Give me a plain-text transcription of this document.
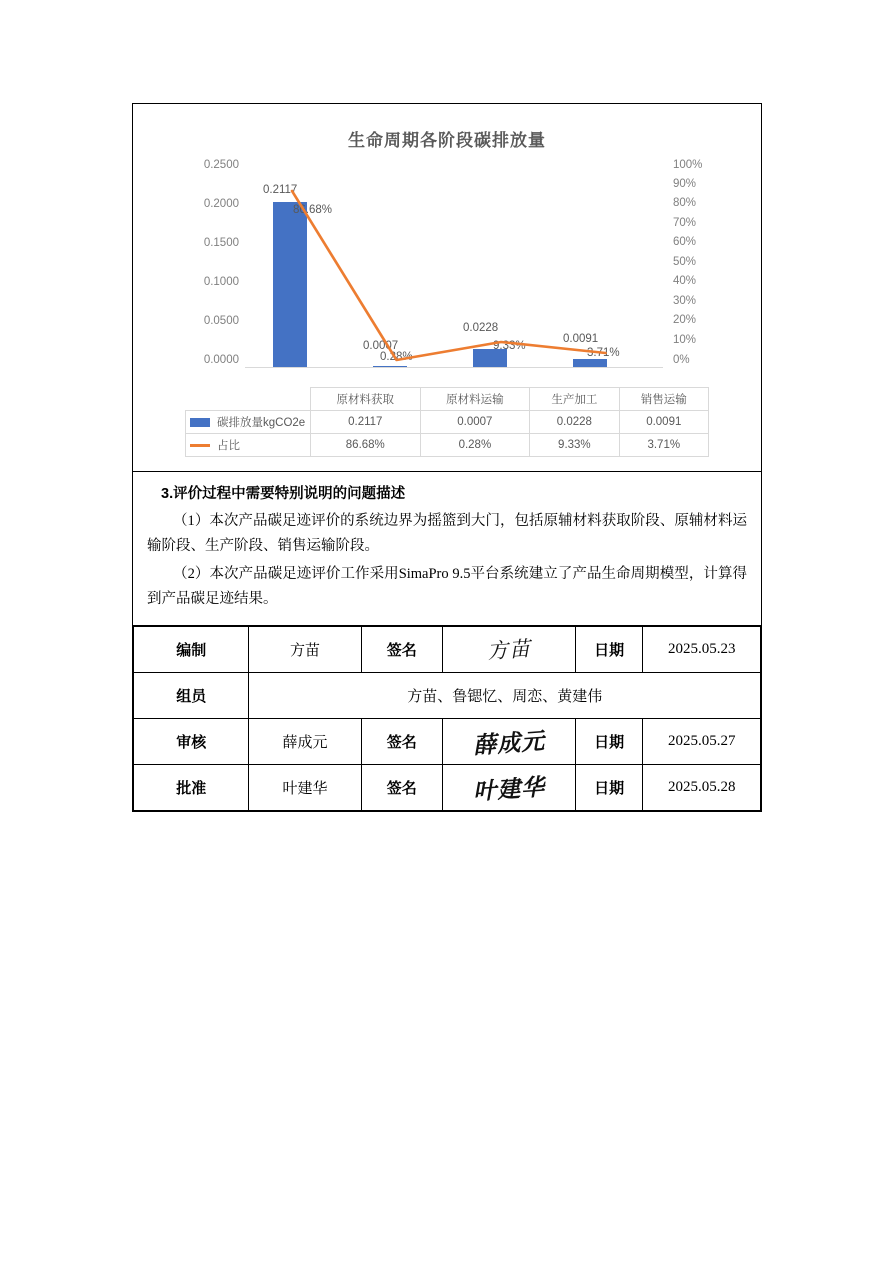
生命周期各阶段碳排放量
0.2500
0.2000
0.1500
0.1000
0.0500
0.0000
100%
90%
80%
70%
60%
50%
40%
30%
20%
10%
0%
0.2117
0.0007
0.0228
0.0091
86.68%
0.28%
9.33%
3.71%
	原材料获取	原材料运输	生产加工	销售运输
碳排放量kgCO2e	0.2117	0.0007	0.0228	0.0091
占比	86.68%	0.28%	9.33%	3.71%
3.评价过程中需要特别说明的问题描述

（1）本次产品碳足迹评价的系统边界为摇篮到大门，包括原辅材料获取阶段、原辅材料运输阶段、生产阶段、销售运输阶段。

（2）本次产品碳足迹评价工作采用SimaPro 9.5平台系统建立了产品生命周期模型，计算得到产品碳足迹结果。

编制	方苗	签名	方苗	日期	2025.05.23
组员	方苗、鲁锶忆、周恋、黄建伟				
审核	薛成元	签名	薛成元	日期	2025.05.27
批准	叶建华	签名	叶建华	日期	2025.05.28
